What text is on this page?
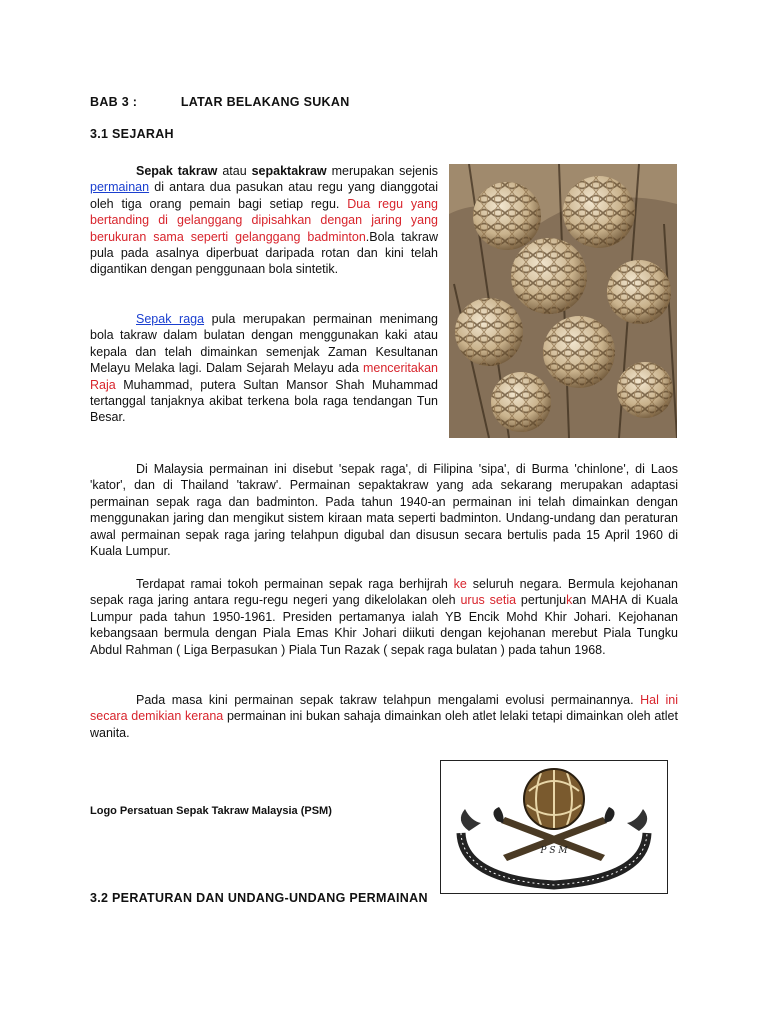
BAB 3 :	LATAR BELAKANG SUKAN
3.1 SEJARAH

Sepak takraw atau sepaktakraw merupakan sejenis permainan di antara dua pasukan atau regu yang dianggotai oleh tiga orang pemain bagi setiap regu. Dua regu yang bertanding di gelanggang dipisahkan dengan jaring yang berukuran sama seperti gelanggang badminton.Bola takraw pula pada asalnya diperbuat daripada rotan dan kini telah digantikan dengan penggunaan bola sintetik.

Sepak raga pula merupakan permainan menimang bola takraw dalam bulatan dengan menggunakan kaki atau kepala dan telah dimainkan semenjak Zaman Kesultanan Melayu Melaka lagi. Dalam Sejarah Melayu ada menceritakan Raja Muhammad, putera Sultan Mansor Shah Muhammad tertanggal tanjaknya akibat terkena bola raga tendangan Tun Besar.

Di Malaysia permainan ini disebut 'sepak raga', di Filipina 'sipa', di Burma 'chinlone', di Laos 'kator', dan di Thailand 'takraw'. Permainan sepaktakraw yang ada sekarang merupakan adaptasi permainan sepak raga dan badminton. Pada tahun 1940-an permainan ini telah dimainkan dengan menggunakan jaring dan mengikut sistem kiraan mata seperti badminton. Undang-undang dan peraturan awal permainan sepak raga jaring telahpun digubal dan disusun secara bertulis pada 15 April 1960 di Kuala Lumpur.

Terdapat ramai tokoh permainan sepak raga berhijrah ke seluruh negara. Bermula kejohanan sepak raga jaring antara regu-regu negeri yang dikelolakan oleh urus setia pertunjukan MAHA di Kuala Lumpur pada tahun 1950-1961. Presiden pertamanya ialah YB Encik Mohd Khir Johari. Kejohanan kebangsaan bermula dengan Piala Emas Khir Johari diikuti dengan kejohanan merebut Piala Tungku Abdul Rahman ( Liga Berpasukan ) Piala Tun Razak ( sepak raga bulatan ) pada tahun 1968.

Pada masa kini permainan sepak takraw telahpun mengalami evolusi permainannya. Hal ini secara demikian kerana permainan ini bukan sahaja dimainkan oleh atlet lelaki tetapi dimainkan oleh atlet wanita.

Logo Persatuan Sepak Takraw Malaysia (PSM)
P S M
3.2 PERATURAN DAN UNDANG-UNDANG PERMAINAN
